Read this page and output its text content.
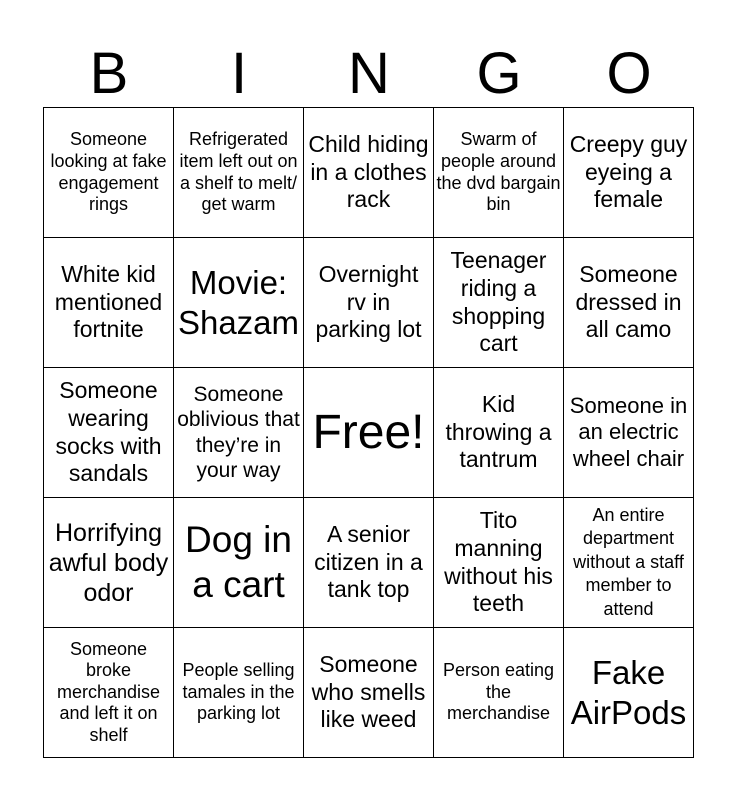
B	I	N	G	O
Someone looking at fake engagement rings	Refrigerated item left out on a shelf to melt/ get warm	Child hiding in a clothes rack	Swarm of people around the dvd bargain bin	Creepy guy eyeing a female
White kid mentioned fortnite	Movie: Shazam	Overnight rv in parking lot	Teenager riding a shopping cart	Someone dressed in all camo
Someone wearing socks with sandals	Someone oblivious that they’re in your way	Free!	Kid throwing a tantrum	Someone in an electric wheel chair
Horrifying awful body odor	Dog in a cart	A senior citizen in a tank top	Tito manning without his teeth	An entire department without a staff member to attend
Someone broke merchandise and left it on shelf	People selling tamales in the parking lot	Someone who smells like weed	Person eating the merchandise	Fake AirPods
